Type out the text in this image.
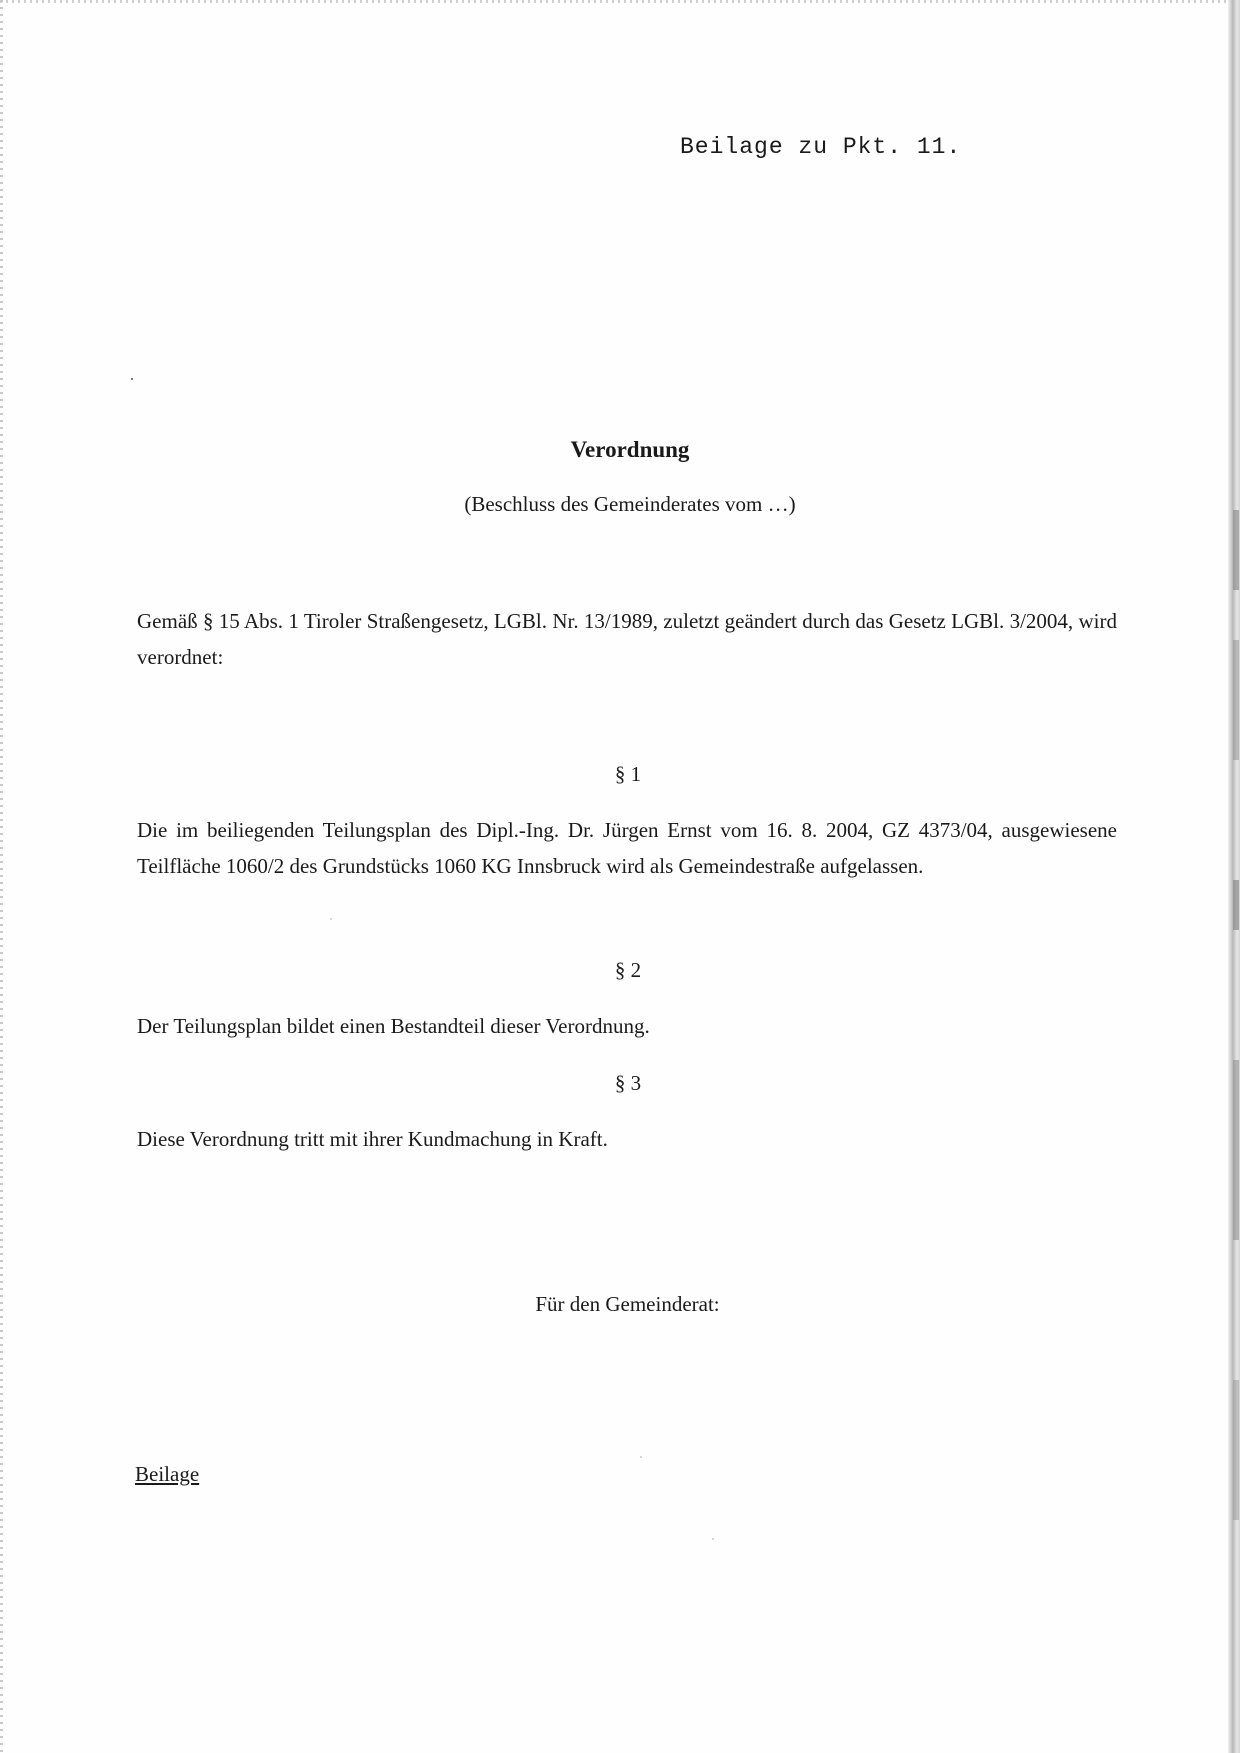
Beilage zu Pkt. 11.
Verordnung
(Beschluss des Gemeinderates vom …)
Gemäß § 15 Abs. 1 Tiroler Straßengesetz, LGBl. Nr. 13/1989, zuletzt geändert durch das Gesetz LGBl. 3/2004, wird verordnet:
§ 1
Die im beiliegenden Teilungsplan des Dipl.-Ing. Dr. Jürgen Ernst vom 16. 8. 2004, GZ 4373/04, ausgewiesene Teilfläche 1060/2 des Grundstücks 1060 KG Innsbruck wird als Gemeindestraße aufgelassen.
§ 2
Der Teilungsplan bildet einen Bestandteil dieser Verordnung.
§ 3
Diese Verordnung tritt mit ihrer Kundmachung in Kraft.
Für den Gemeinderat:
Beilage
